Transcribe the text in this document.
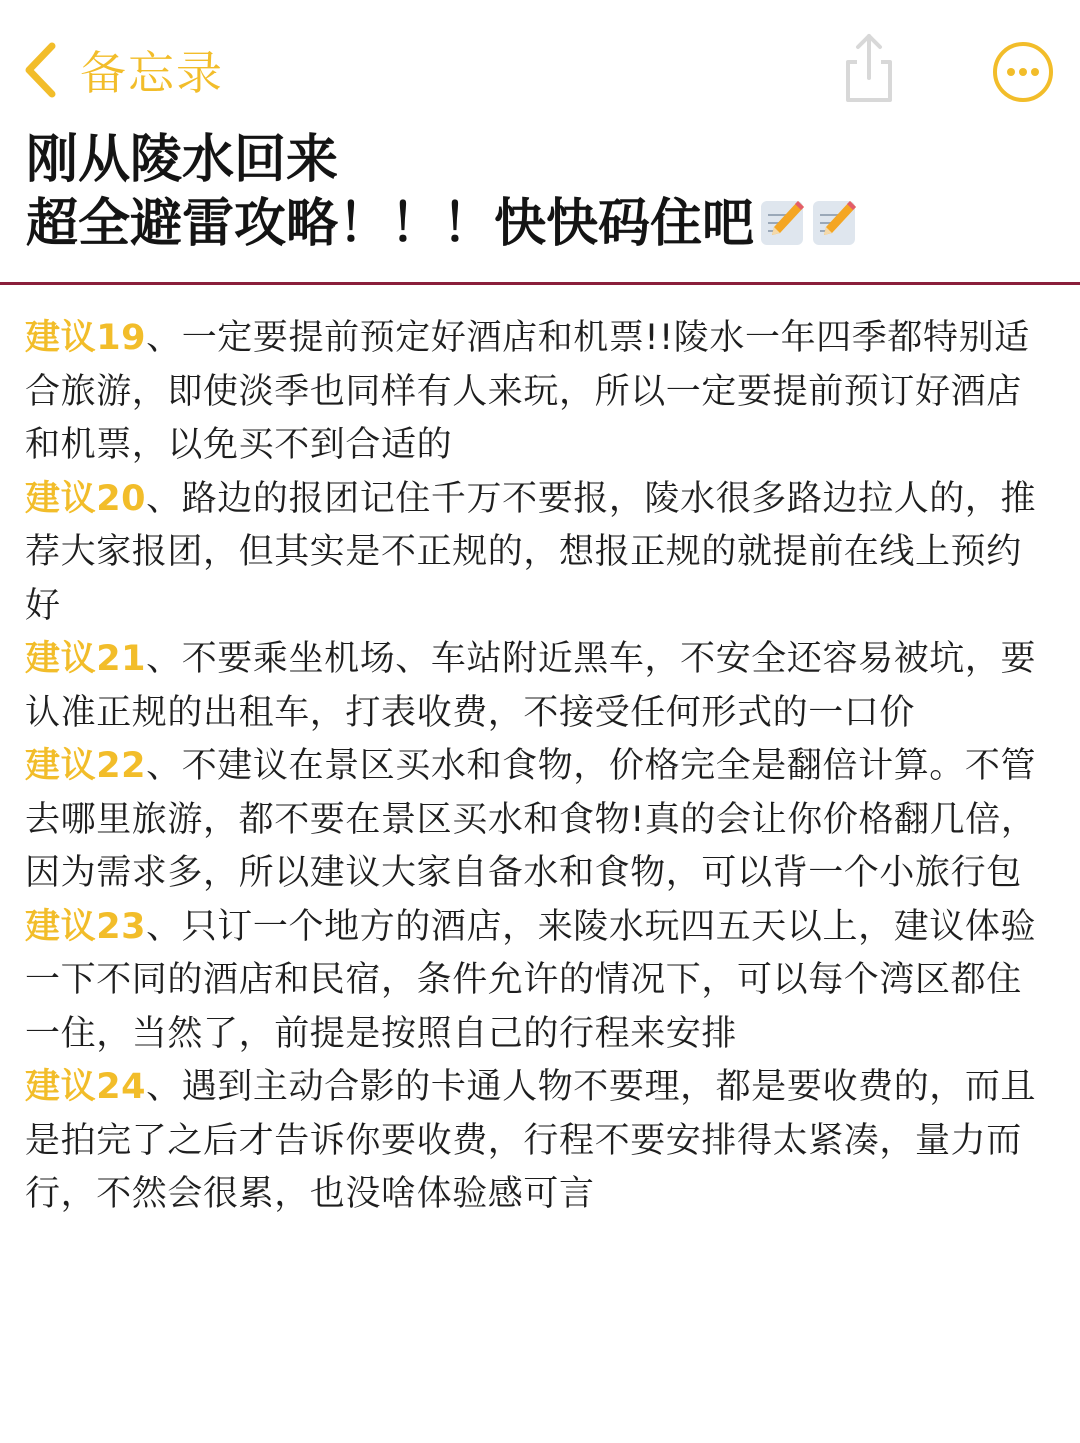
备忘录
刚从陵水回来
超全避雷攻略！！！快快码住吧

建议19、一定要提前预定好酒店和机票!!陵水一年四季都特别适合旅游，即使淡季也同样有人来玩，所以一定要提前预订好酒店和机票，以免买不到合适的

建议20、路边的报团记住千万不要报，陵水很多路边拉人的，推荐大家报团，但其实是不正规的，想报正规的就提前在线上预约好

建议21、不要乘坐机场、车站附近黑车，不安全还容易被坑，要认准正规的出租车，打表收费，不接受任何形式的一口价

建议22、不建议在景区买水和食物，价格完全是翻倍计算。不管去哪里旅游，都不要在景区买水和食物!真的会让你价格翻几倍，因为需求多，所以建议大家自备水和食物，可以背一个小旅行包

建议23、只订一个地方的酒店，来陵水玩四五天以上，建议体验一下不同的酒店和民宿，条件允许的情况下，可以每个湾区都住一住，当然了，前提是按照自己的行程来安排

建议24、遇到主动合影的卡通人物不要理，都是要收费的，而且是拍完了之后才告诉你要收费，行程不要安排得太紧凑，量力而行，不然会很累，也没啥体验感可言
